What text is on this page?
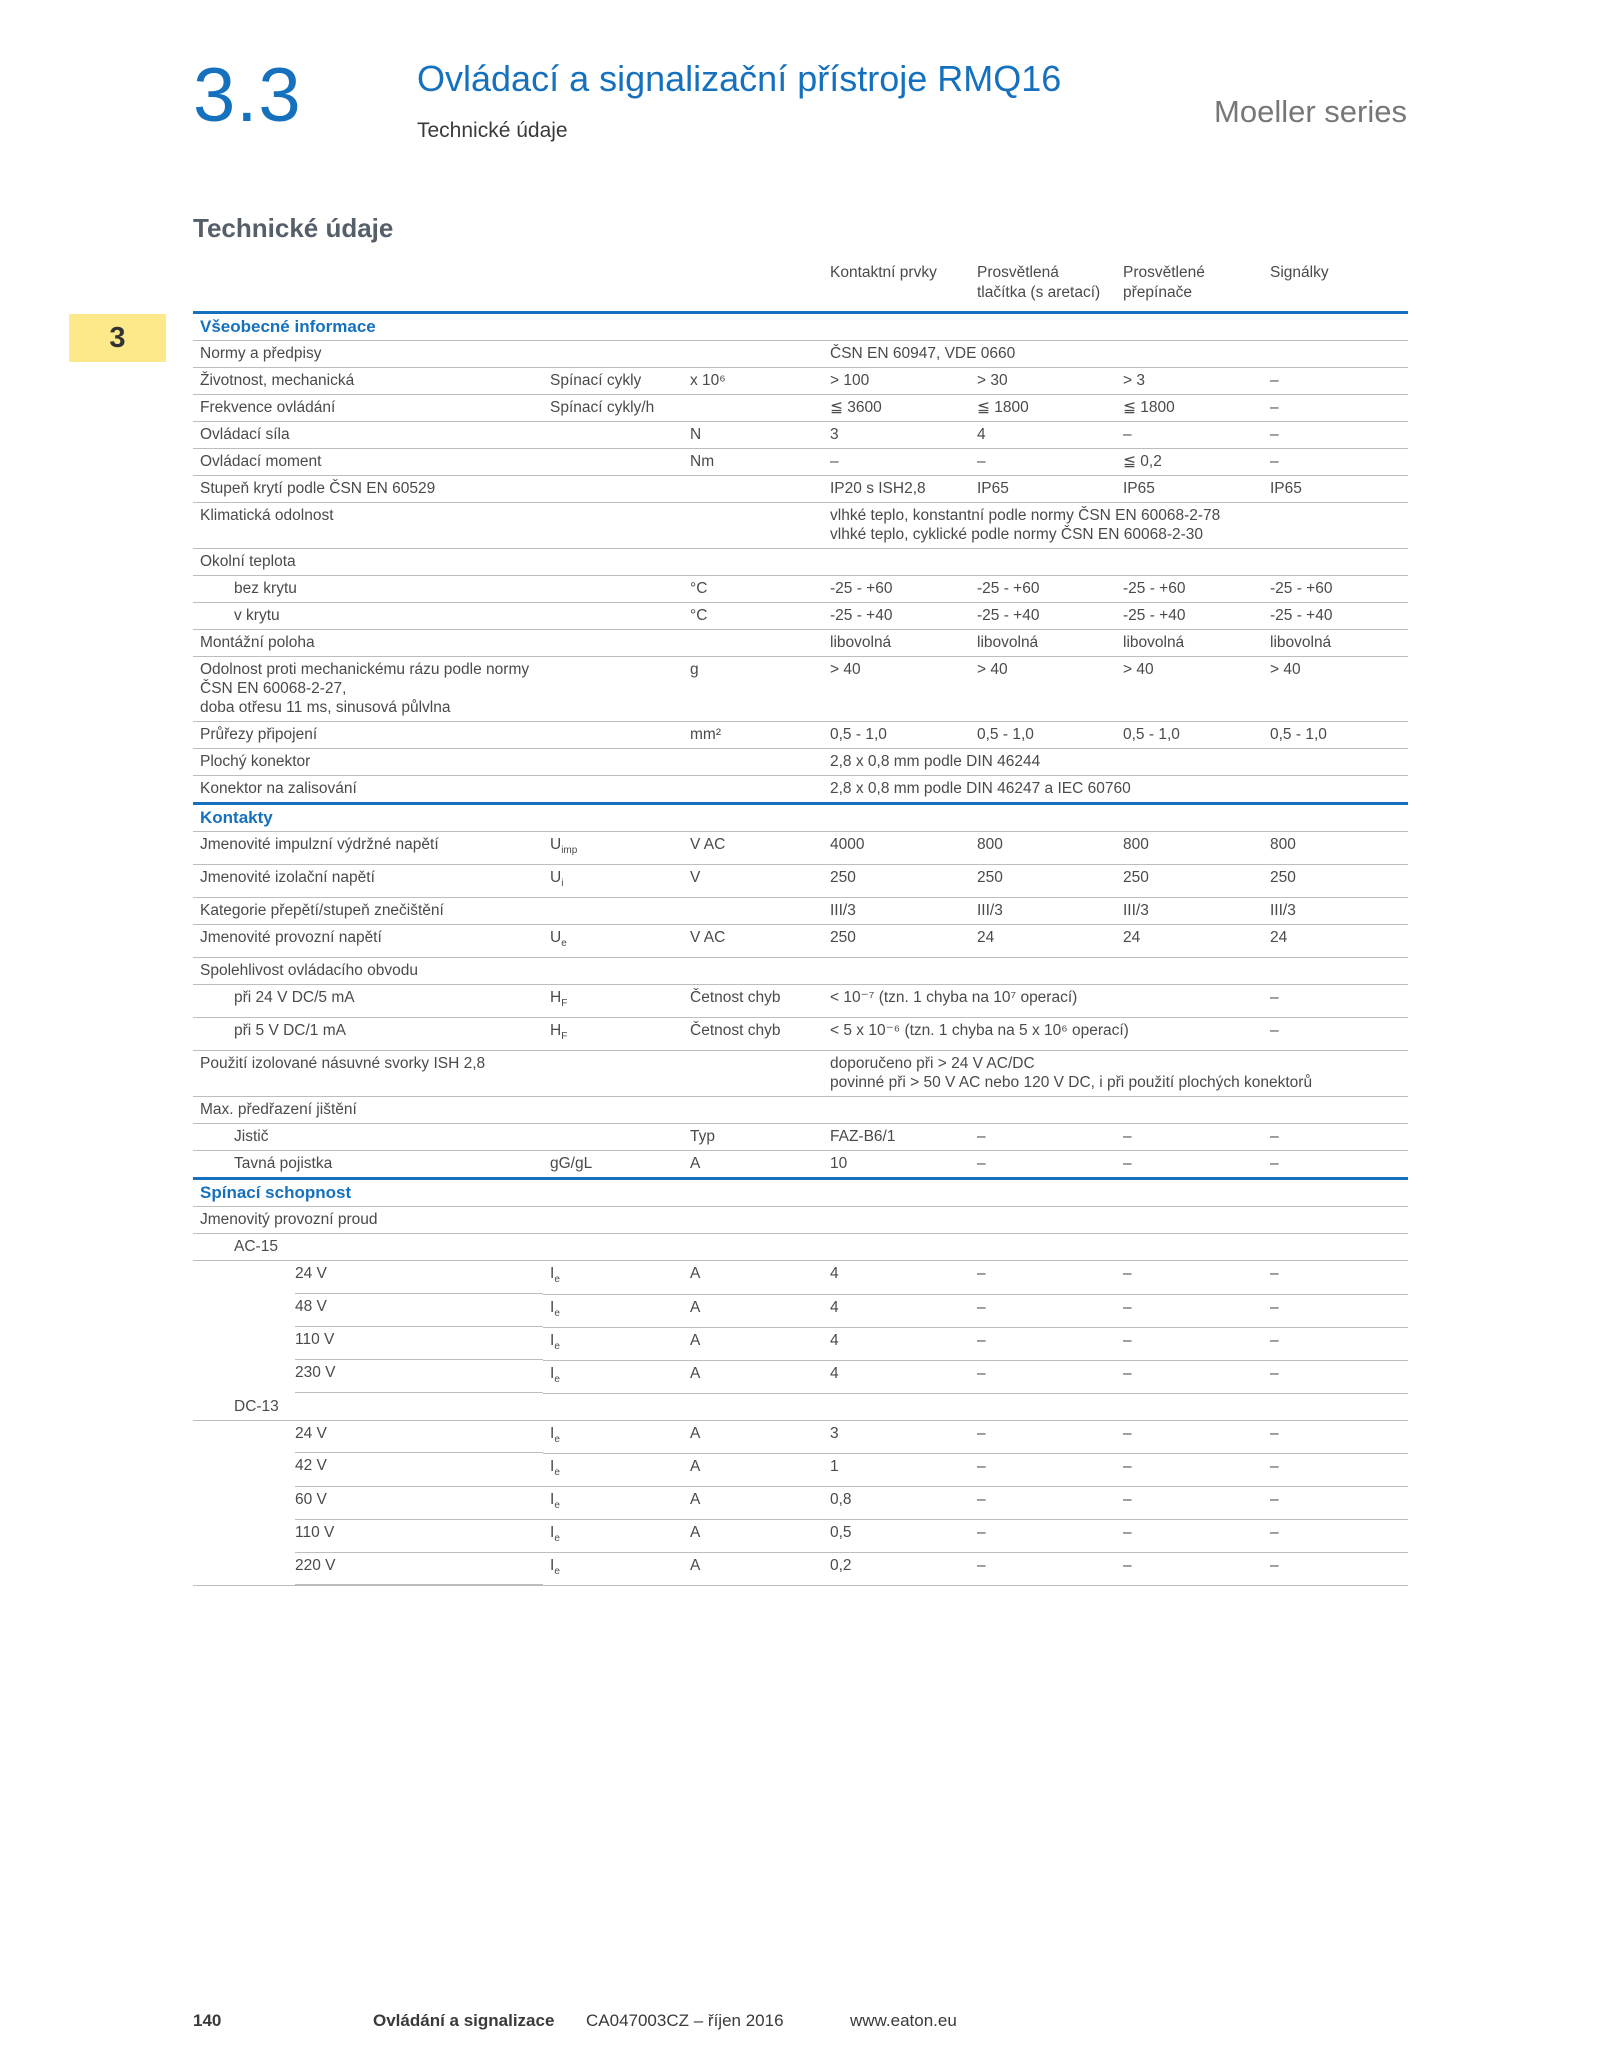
3.3	Ovládací a signalizační přístroje RMQ16
Technické údaje
Moeller series
Technické údaje
3
			Kontaktní prvky	Prosvětlená tlačítka (s aretací)	Prosvětlené přepínače	Signálky
Všeobecné informace						
Normy a předpisy			ČSN EN 60947, VDE 0660			
Životnost, mechanická	Spínací cykly	x 10⁶	> 100	> 30	> 3	–
Frekvence ovládání	Spínací cykly/h		≦ 3600	≦ 1800	≦ 1800	–
Ovládací síla		N	3	4	–	–
Ovládací moment		Nm	–	–	≦ 0,2	–
Stupeň krytí podle ČSN EN 60529			IP20 s ISH2,8	IP65	IP65	IP65
Klimatická odolnost			vlhké teplo, konstantní podle normy ČSN EN 60068-2-78
vlhké teplo, cyklické podle normy ČSN EN 60068-2-30			

Okolní teplota						
bez krytu		°C	-25 - +60	-25 - +60	-25 - +60	-25 - +60
v krytu		°C	-25 - +40	-25 - +40	-25 - +40	-25 - +40
Montážní poloha			libovolná	libovolná	libovolná	libovolná

Odolnost proti mechanickému rázu podle normy
ČSN EN 60068-2-27,
doba otřesu 11 ms, sinusová půlvlna		g	> 40	> 40	> 40	> 40
Průřezy připojení		mm²	0,5 - 1,0	0,5 - 1,0	0,5 - 1,0	0,5 - 1,0
Plochý konektor			2,8 x 0,8 mm podle DIN 46244			
Konektor na zalisování			2,8 x 0,8 mm podle DIN 46247 a IEC 60760			
Kontakty						
Jmenovité impulzní výdržné napětí	$U_{imp}$	V AC	4000	800	800	800
Jmenovité izolační napětí	$U_i$	V	250	250	250	250
Kategorie přepětí/stupeň znečištění			III/3	III/3	III/3	III/3
Jmenovité provozní napětí	$U_e$	V AC	250	24	24	24
Spolehlivost ovládacího obvodu						
při 24 V DC/5 mA	$H_F$	Četnost chyb	< 10⁻⁷ (tzn. 1 chyba na 10⁷ operací)			–
při 5 V DC/1 mA	$H_F$	Četnost chyb	< 5 x 10⁻⁶ (tzn. 1 chyba na 5 x 10⁶ operací)			–
Použití izolované násuvné svorky ISH 2,8			doporučeno při > 24 V AC/DC
povinné při > 50 V AC nebo 120 V DC, i při použití plochých konektorů			

Max. předřazení jištění						
Jistič		Typ	FAZ-B6/1	–	–	–
Tavná pojistka	gG/gL	A	10	–	–	–
Spínací schopnost						
Jmenovitý provozní proud						
AC-15						
24 V	$I_e$	A	4	–	–	–
48 V	$I_e$	A	4	–	–	–
110 V	$I_e$	A	4	–	–	–
230 V	$I_e$	A	4	–	–	–
DC-13						
24 V	$I_e$	A	3	–	–	–
42 V	$I_e$	A	1	–	–	–
60 V	$I_e$	A	0,8	–	–	–
110 V	$I_e$	A	0,5	–	–	–
220 V	$I_e$	A	0,2	–	–	–
140	Ovládání a signalizace CA047003CZ – říjen 2016	www.eaton.eu
